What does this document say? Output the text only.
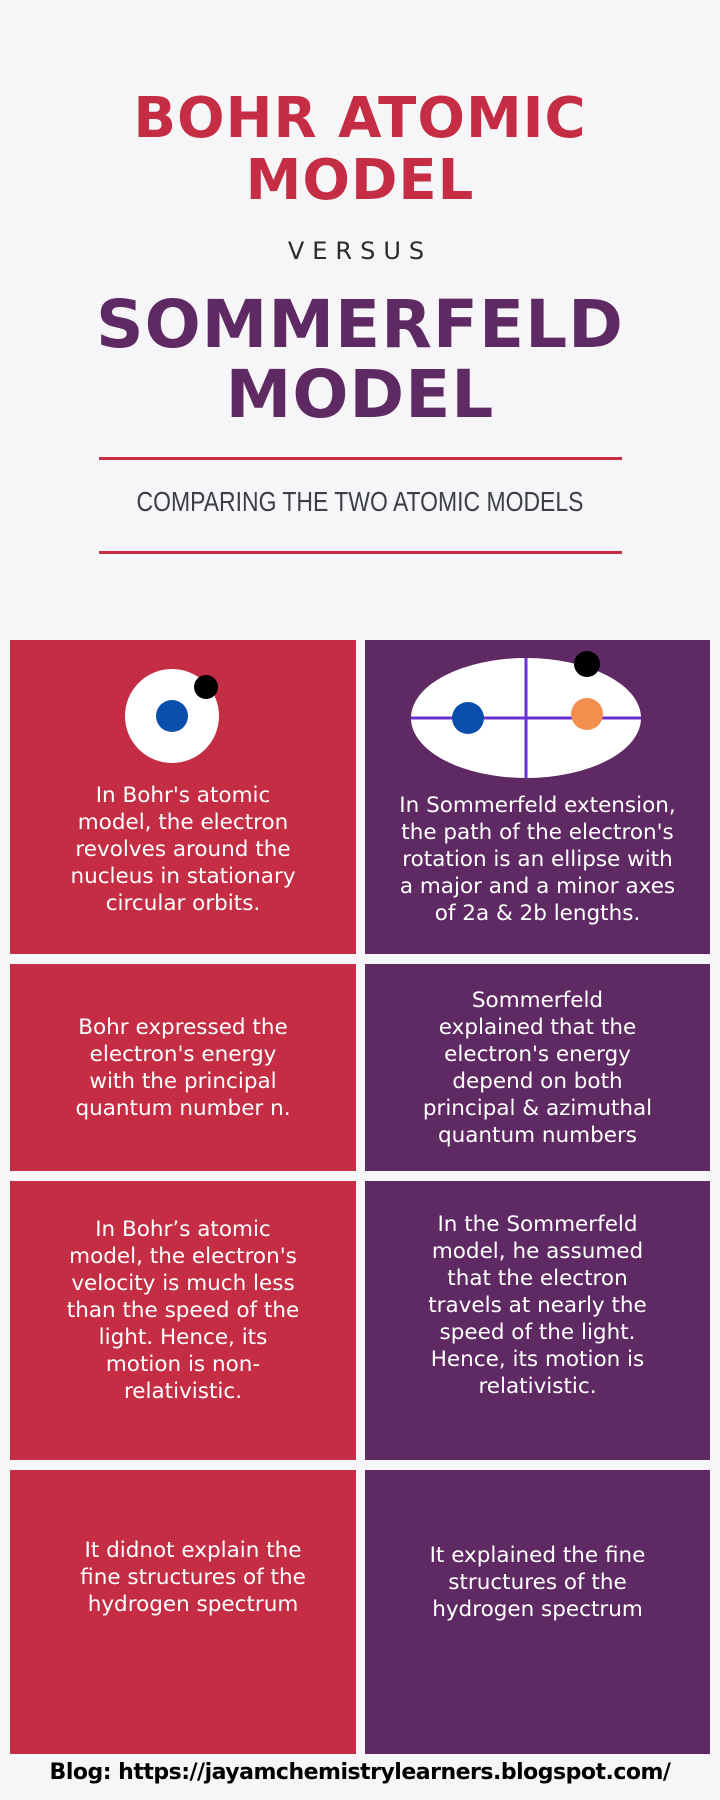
BOHR ATOMIC
MODEL
VERSUS
SOMMERFELD
MODEL
COMPARING THE TWO ATOMIC MODELS
In Bohr's atomic
model, the electron
revolves around the
nucleus in stationary
circular orbits.
In Sommerfeld extension,
the path of the electron's
rotation is an ellipse with
a major and a minor axes
of 2a & 2b lengths.
Bohr expressed the
electron's energy
with the principal
quantum number n.
Sommerfeld
explained that the
electron's energy
depend on both
principal & azimuthal
quantum numbers
In Bohr’s atomic
model, the electron's
velocity is much less
than the speed of the
light. Hence, its
motion is non-
relativistic.
In the Sommerfeld
model, he assumed
that the electron
travels at nearly the
speed of the light.
Hence, its motion is
relativistic.
It didnot explain the
fine structures of the
hydrogen spectrum
It explained the fine
structures of the
hydrogen spectrum
Blog: https://jayamchemistrylearners.blogspot.com/
